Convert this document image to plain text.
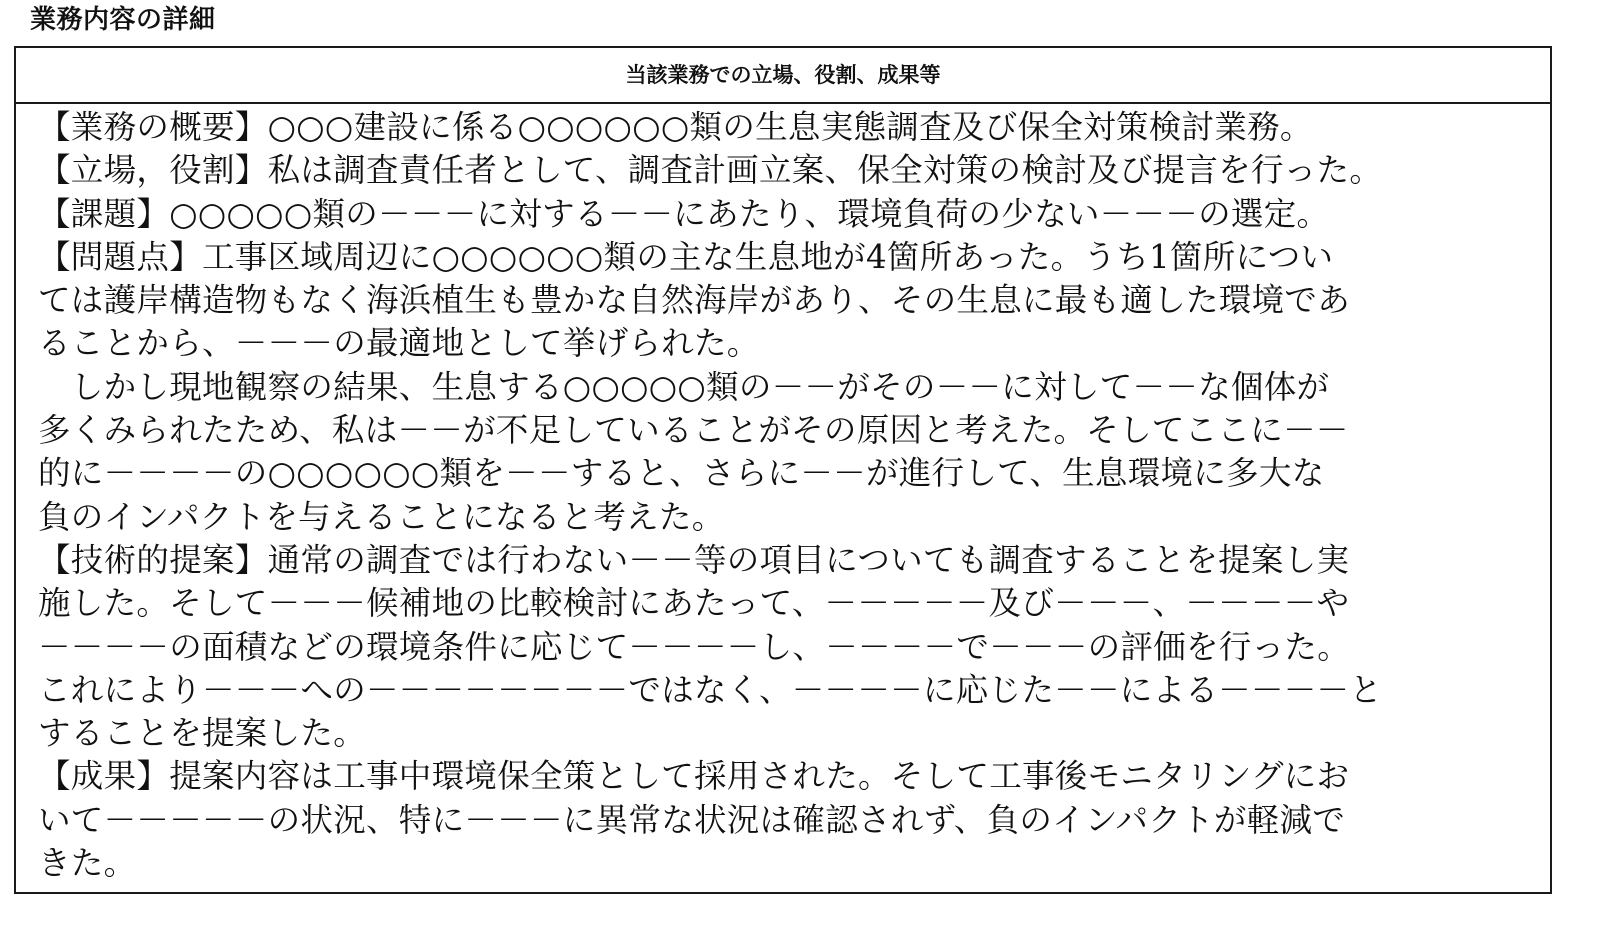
業務内容の詳細
当該業務での立場、役割、成果等
【業務の概要】○○○建設に係る○○○○○○類の生息実態調査及び保全対策検討業務。
【立場，役割】私は調査責任者として、調査計画立案、保全対策の検討及び提言を行った。
【課題】○○○○○類の－－－に対する－－にあたり、環境負荷の少ない－－－の選定。
【問題点】工事区域周辺に○○○○○○類の主な生息地が4箇所あった。うち1箇所につい
ては護岸構造物もなく海浜植生も豊かな自然海岸があり、その生息に最も適した環境であ
ることから、－－－の最適地として挙げられた。
　しかし現地観察の結果、生息する○○○○○類の－－がその－－に対して－－な個体が
多くみられたため、私は－－が不足していることがその原因と考えた。そしてここに－－
的に－－－－の○○○○○○類を－－すると、さらに－－が進行して、生息環境に多大な
負のインパクトを与えることになると考えた。
【技術的提案】通常の調査では行わない－－等の項目についても調査することを提案し実
施した。そして－－－候補地の比較検討にあたって、－－－－－及び－－－、－－－－や
－－－－の面積などの環境条件に応じて－－－－し、－－－－で－－－の評価を行った。
これにより－－－への－－－－－－－－ではなく、－－－－に応じた－－による－－－－と
することを提案した。
【成果】提案内容は工事中環境保全策として採用された。そして工事後モニタリングにお
いて－－－－－の状況、特に－－－に異常な状況は確認されず、負のインパクトが軽減で
きた。
